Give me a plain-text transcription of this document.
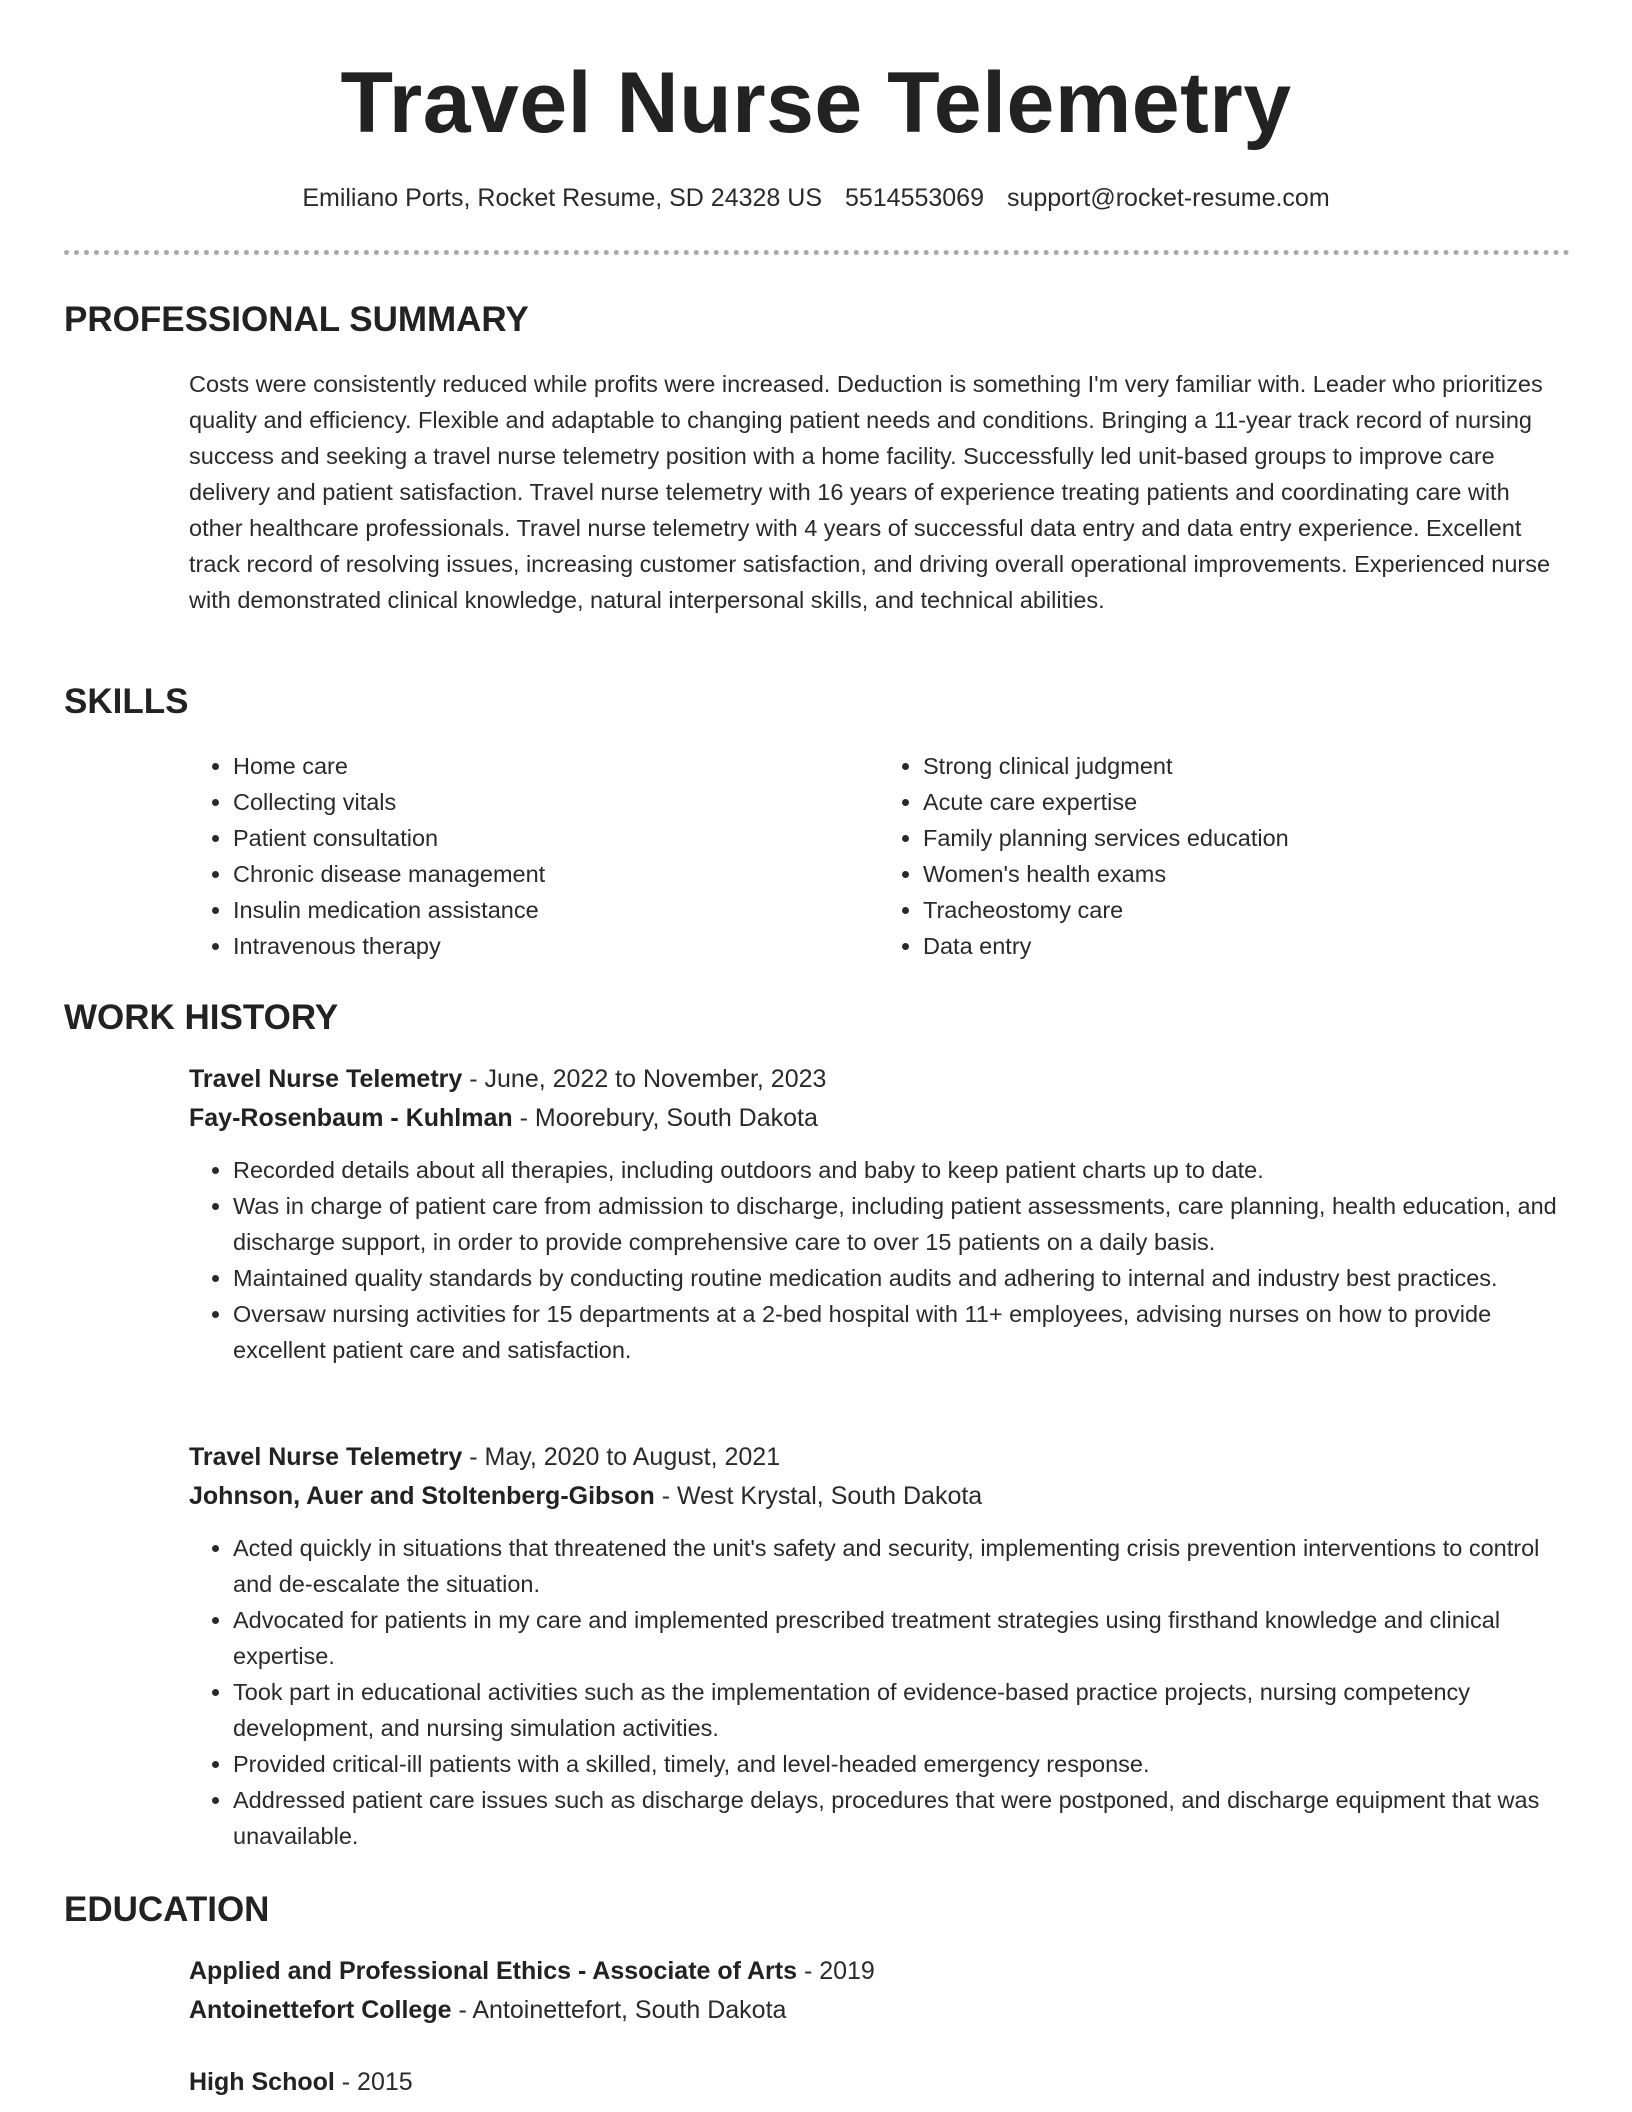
Travel Nurse Telemetry
Emiliano Ports, Rocket Resume, SD 24328 US 5514553069 support@rocket-resume.com
PROFESSIONAL SUMMARY
Costs were consistently reduced while profits were increased. Deduction is something I'm very familiar with. Leader who prioritizes quality and efficiency. Flexible and adaptable to changing patient needs and conditions. Bringing a 11-year track record of nursing success and seeking a travel nurse telemetry position with a home facility. Successfully led unit-based groups to improve care delivery and patient satisfaction. Travel nurse telemetry with 16 years of experience treating patients and coordinating care with other healthcare professionals. Travel nurse telemetry with 4 years of successful data entry and data entry experience. Excellent track record of resolving issues, increasing customer satisfaction, and driving overall operational improvements. Experienced nurse with demonstrated clinical knowledge, natural interpersonal skills, and technical abilities.
SKILLS
• Home care
• Collecting vitals
• Patient consultation
• Chronic disease management
• Insulin medication assistance
• Intravenous therapy
• Strong clinical judgment
• Acute care expertise
• Family planning services education
• Women's health exams
• Tracheostomy care
• Data entry
WORK HISTORY
Travel Nurse Telemetry - June, 2022 to November, 2023
Fay-Rosenbaum - Kuhlman - Moorebury, South Dakota
• Recorded details about all therapies, including outdoors and baby to keep patient charts up to date.
• Was in charge of patient care from admission to discharge, including patient assessments, care planning, health education, and discharge support, in order to provide comprehensive care to over 15 patients on a daily basis.
• Maintained quality standards by conducting routine medication audits and adhering to internal and industry best practices.
• Oversaw nursing activities for 15 departments at a 2-bed hospital with 11+ employees, advising nurses on how to provide excellent patient care and satisfaction.
Travel Nurse Telemetry - May, 2020 to August, 2021
Johnson, Auer and Stoltenberg-Gibson - West Krystal, South Dakota
• Acted quickly in situations that threatened the unit's safety and security, implementing crisis prevention interventions to control and de-escalate the situation.
• Advocated for patients in my care and implemented prescribed treatment strategies using firsthand knowledge and clinical expertise.
• Took part in educational activities such as the implementation of evidence-based practice projects, nursing competency development, and nursing simulation activities.
• Provided critical-ill patients with a skilled, timely, and level-headed emergency response.
• Addressed patient care issues such as discharge delays, procedures that were postponed, and discharge equipment that was unavailable.
EDUCATION
Applied and Professional Ethics - Associate of Arts - 2019
Antoinettefort College - Antoinettefort, South Dakota
High School - 2015
